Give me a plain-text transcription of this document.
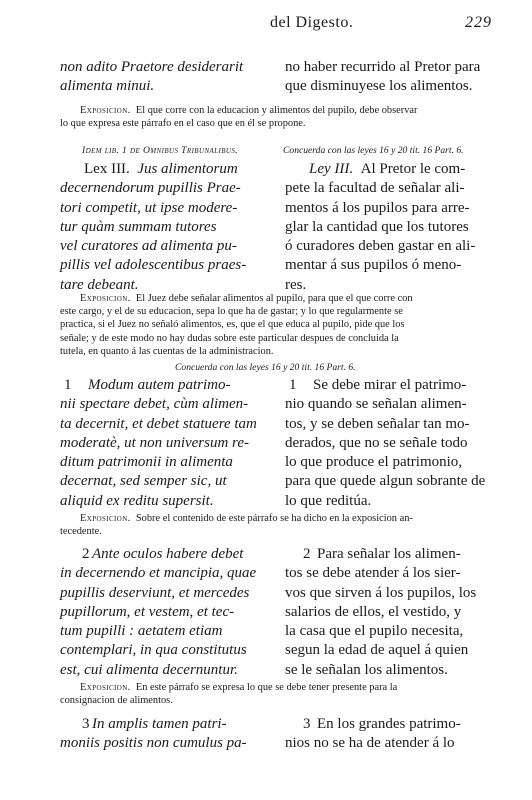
del Digesto.	229
non adito Praetore desiderarit
alimenta minui.
no haber recurrido al Pretor para
que disminuyese los alimentos.
Exposicion. El que corre con la educacion y alimentos del pupilo, debe observar
lo que expresa este párrafo en el caso que en él se propone.
Idem lib. 1 de Omnibus Tribunalibus.	Concuerda con las leyes 16 y 20 tit. 16 Part. 6.
Lex III. Jus alimentorum
decernendorum pupillis Prae-
tori competit, ut ipse modere-
tur quàm summam tutores
vel curatores ad alimenta pu-
pillis vel adolescentibus praes-
tare debeant.
Ley III. Al Pretor le com-
pete la facultad de señalar ali-
mentos á los pupilos para arre-
glar la cantidad que los tutores
ó curadores deben gastar en ali-
mentar á sus pupilos ó meno-
res.
Exposicion. El Juez debe señalar alimentos al pupilo, para que el que corre con
este cargo, y el de su educacion, sepa lo que ha de gastar; y lo que regularmente se
practica, si el Juez no señaló alimentos, es, que el que educa al pupilo, pide que los
señale; y de este modo no hay dudas sobre este particular despues de concluida la
tutela, en quanto á las cuentas de la administracion.
Concuerda con las leyes 16 y 20 tit. 16 Part. 6.
1 Modum autem patrimo-
nii spectare debet, cùm alimen-
ta decernit, et debet statuere tam
moderatè, ut non universum re-
ditum patrimonii in alimenta
decernat, sed semper sic, ut
aliquid ex reditu supersit.
1 Se debe mirar el patrimo-
nio quando se señalan alimen-
tos, y se deben señalar tan mo-
derados, que no se señale todo
lo que produce el patrimonio,
para que quede algun sobrante de
lo que reditúa.
Exposicion. Sobre el contenido de este párrafo se ha dicho en la exposicion an-
tecedente.
2 Ante oculos habere debet
in decernendo et mancipia, quae
pupillis deserviunt, et mercedes
pupillorum, et vestem, et tec-
tum pupilli : aetatem etiam
contemplari, in qua constitutus
est, cui alimenta decernuntur.
2 Para señalar los alimen-
tos se debe atender á los sier-
vos que sirven á los pupilos, los
salarios de ellos, el vestido, y
la casa que el pupilo necesita,
segun la edad de aquel á quien
se le señalan los alimentos.
Exposicion. En este párrafo se expresa lo que se debe tener presente para la
consignacion de alimentos.
3 In amplis tamen patri-
moniis positis non cumulus pa-
3 En los grandes patrimo-
nios no se ha de atender á lo
